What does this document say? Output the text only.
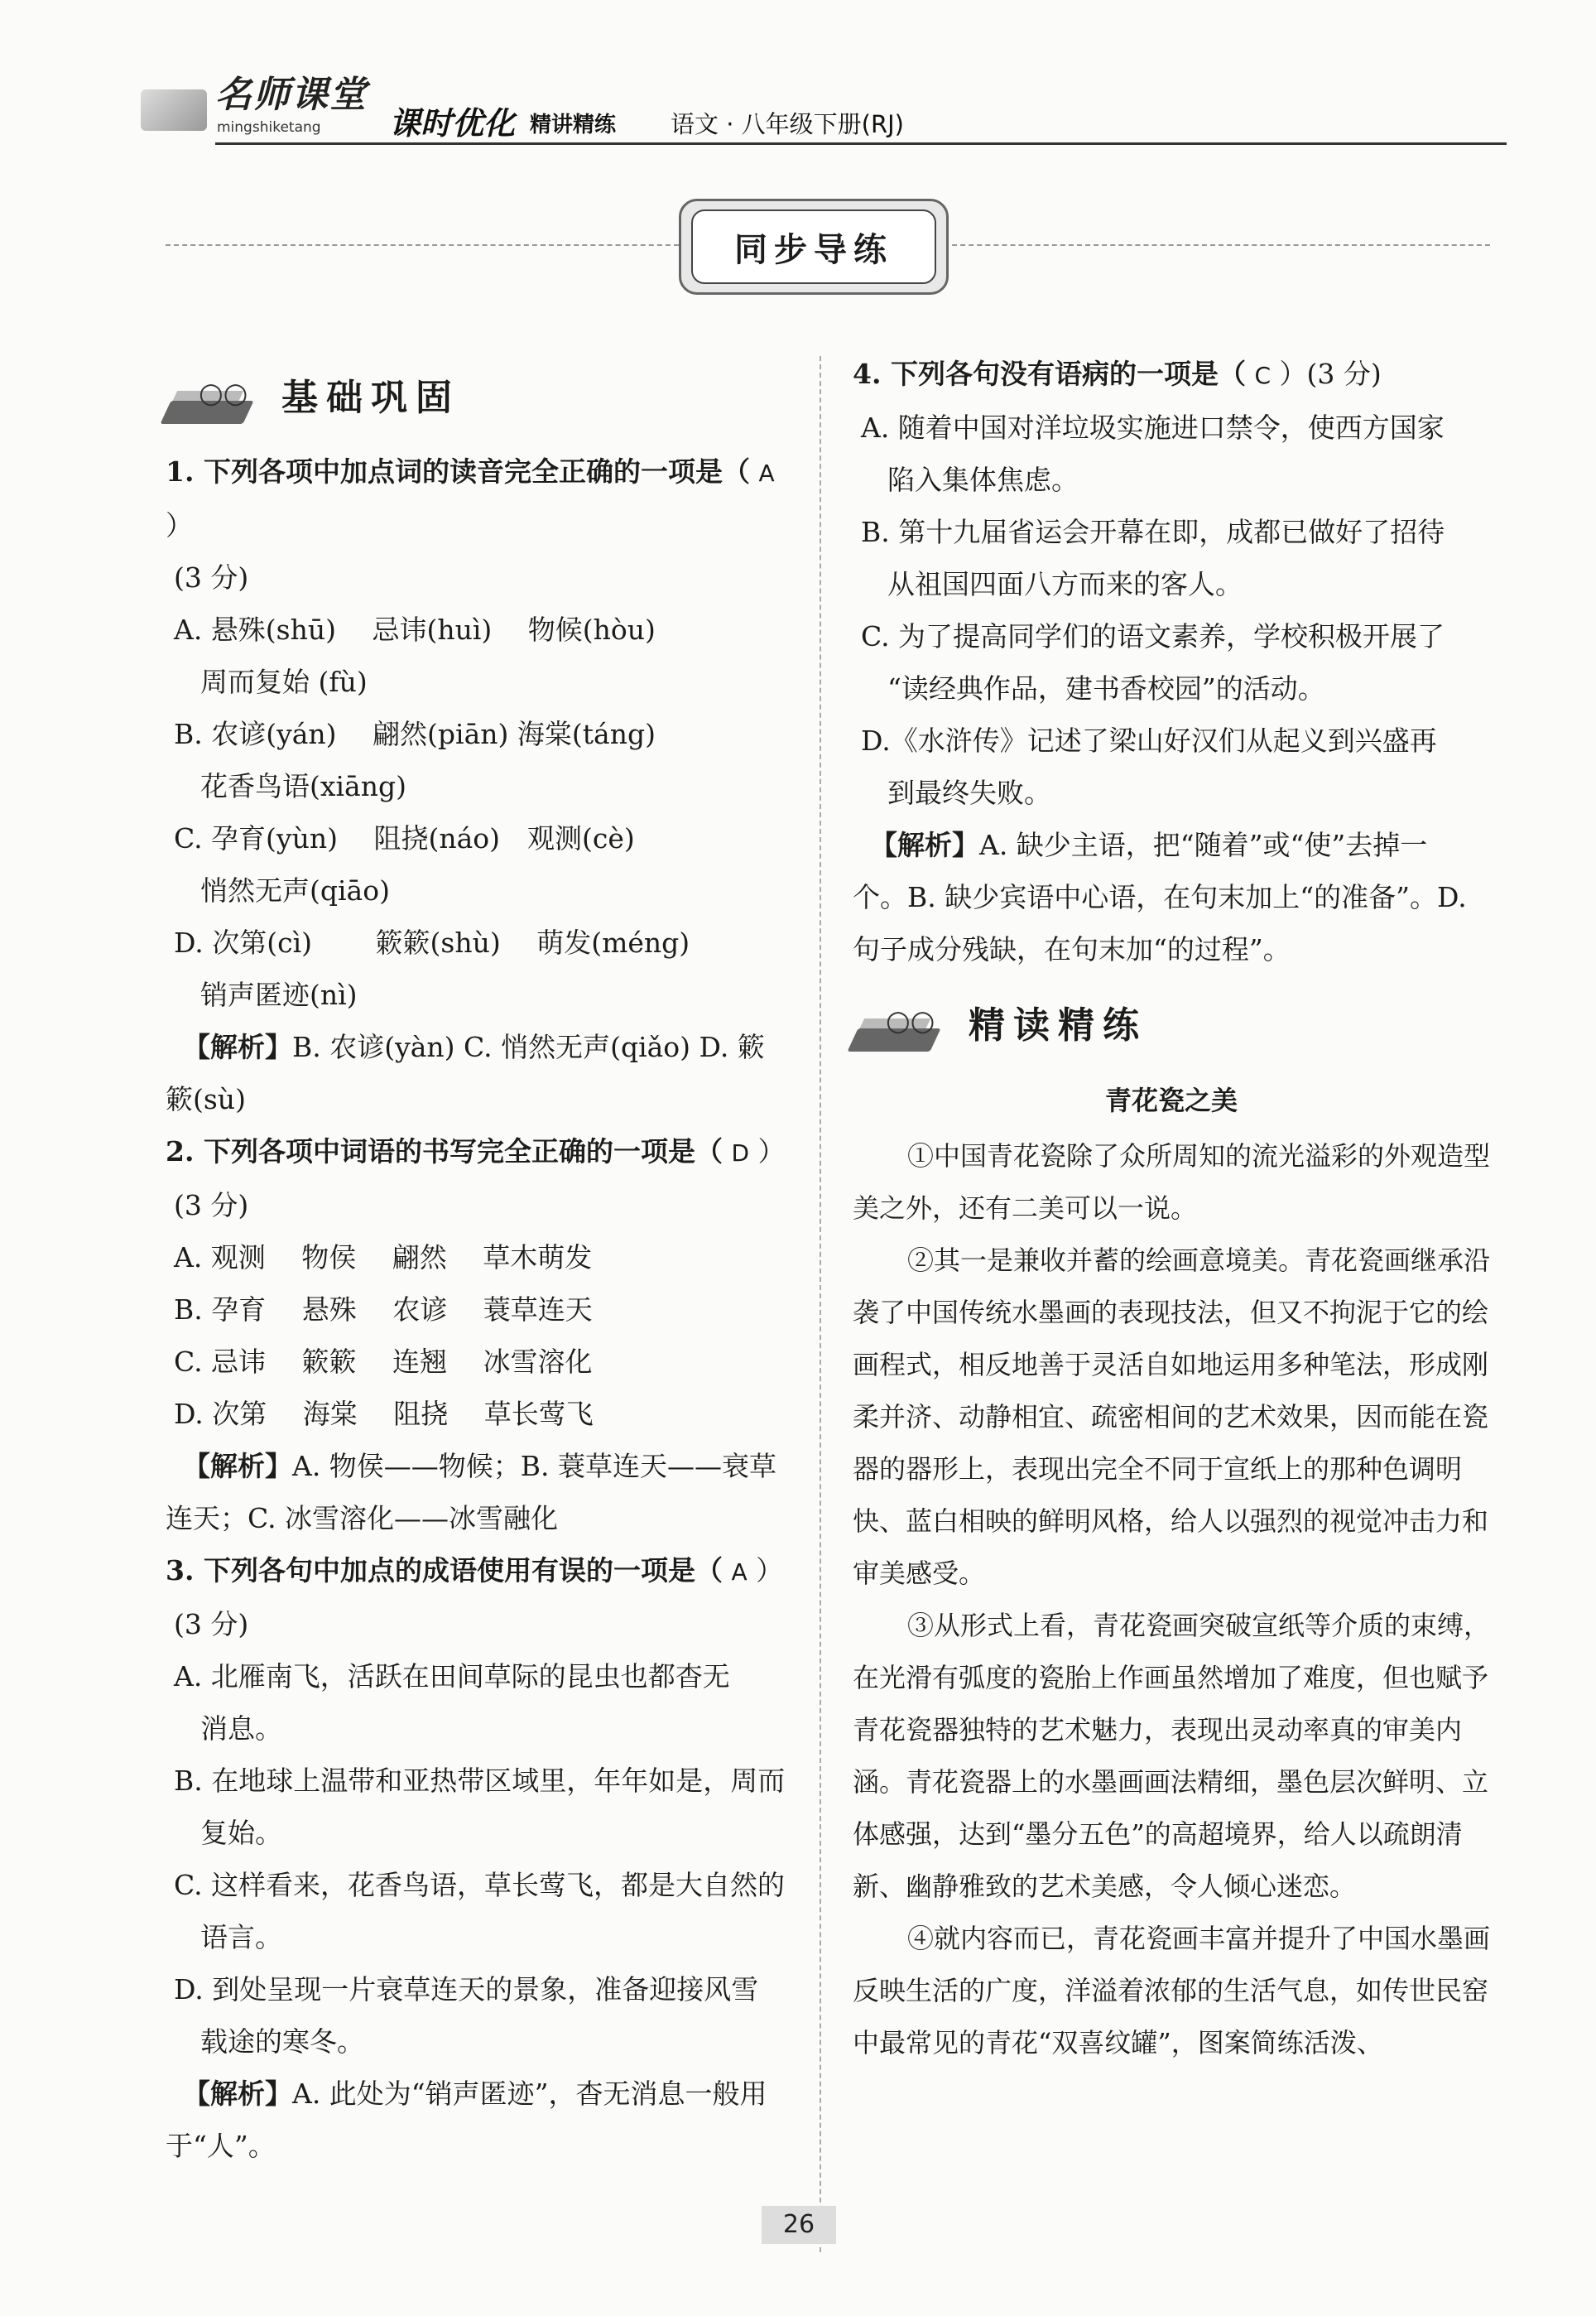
名师课堂
mingshiketang 课时优化 精讲精练 语文 · 八年级下册(RJ)
同步导练
○○ 基础巩固

1. 下列各项中加点词的读音完全正确的一项是（ A ）

(3 分)

A. 悬殊(shū)　 忌讳(huì)　 物候(hòu)

周而复始 (fù)

B. 农谚(yán)　 翩然(piān) 海棠(táng)

花香鸟语(xiāng)

C. 孕育(yùn)　 阻挠(náo)　观测(cè)

悄然无声(qiāo)

D. 次第(cì)　　 簌簌(shù)　 萌发(méng)

销声匿迹(nì)

【解析】B. 农谚(yàn) C. 悄然无声(qiǎo) D. 簌

簌(sù)

2. 下列各项中词语的书写完全正确的一项是（ D ）

(3 分)

A. 观测　 物侯　 翩然　 草木萌发

B. 孕育　 悬殊　 农谚　 蓑草连天

C. 忌讳　 簌簌　 连翘　 冰雪溶化

D. 次第　 海棠　 阻挠　 草长莺飞

【解析】A. 物侯——物候；B. 蓑草连天——衰草

连天；C. 冰雪溶化——冰雪融化

3. 下列各句中加点的成语使用有误的一项是（ A ）

(3 分)

A. 北雁南飞，活跃在田间草际的昆虫也都杳无

消息。

B. 在地球上温带和亚热带区域里，年年如是，周而

复始。

C. 这样看来，花香鸟语，草长莺飞，都是大自然的

语言。

D. 到处呈现一片衰草连天的景象，准备迎接风雪

载途的寒冬。

【解析】A. 此处为“销声匿迹”，杳无消息一般用

于“人”。

4. 下列各句没有语病的一项是（ C ）(3 分)

A. 随着中国对洋垃圾实施进口禁令，使西方国家

陷入集体焦虑。

B. 第十九届省运会开幕在即，成都已做好了招待

从祖国四面八方而来的客人。

C. 为了提高同学们的语文素养，学校积极开展了

“读经典作品，建书香校园”的活动。

D.《水浒传》记述了梁山好汉们从起义到兴盛再

到最终失败。

【解析】A. 缺少主语，把“随着”或“使”去掉一

个。B. 缺少宾语中心语，在句末加上“的准备”。D.

句子成分残缺，在句末加“的过程”。

○○ 精读精练

青花瓷之美

①中国青花瓷除了众所周知的流光溢彩的外观造型美之外，还有二美可以一说。

②其一是兼收并蓄的绘画意境美。青花瓷画继承沿袭了中国传统水墨画的表现技法，但又不拘泥于它的绘画程式，相反地善于灵活自如地运用多种笔法，形成刚柔并济、动静相宜、疏密相间的艺术效果，因而能在瓷器的器形上，表现出完全不同于宣纸上的那种色调明快、蓝白相映的鲜明风格，给人以强烈的视觉冲击力和审美感受。

③从形式上看，青花瓷画突破宣纸等介质的束缚，在光滑有弧度的瓷胎上作画虽然增加了难度，但也赋予青花瓷器独特的艺术魅力，表现出灵动率真的审美内涵。青花瓷器上的水墨画画法精细，墨色层次鲜明、立体感强，达到“墨分五色”的高超境界，给人以疏朗清新、幽静雅致的艺术美感，令人倾心迷恋。

④就内容而已，青花瓷画丰富并提升了中国水墨画反映生活的广度，洋溢着浓郁的生活气息，如传世民窑中最常见的青花“双喜纹罐”，图案简练活泼、

26
